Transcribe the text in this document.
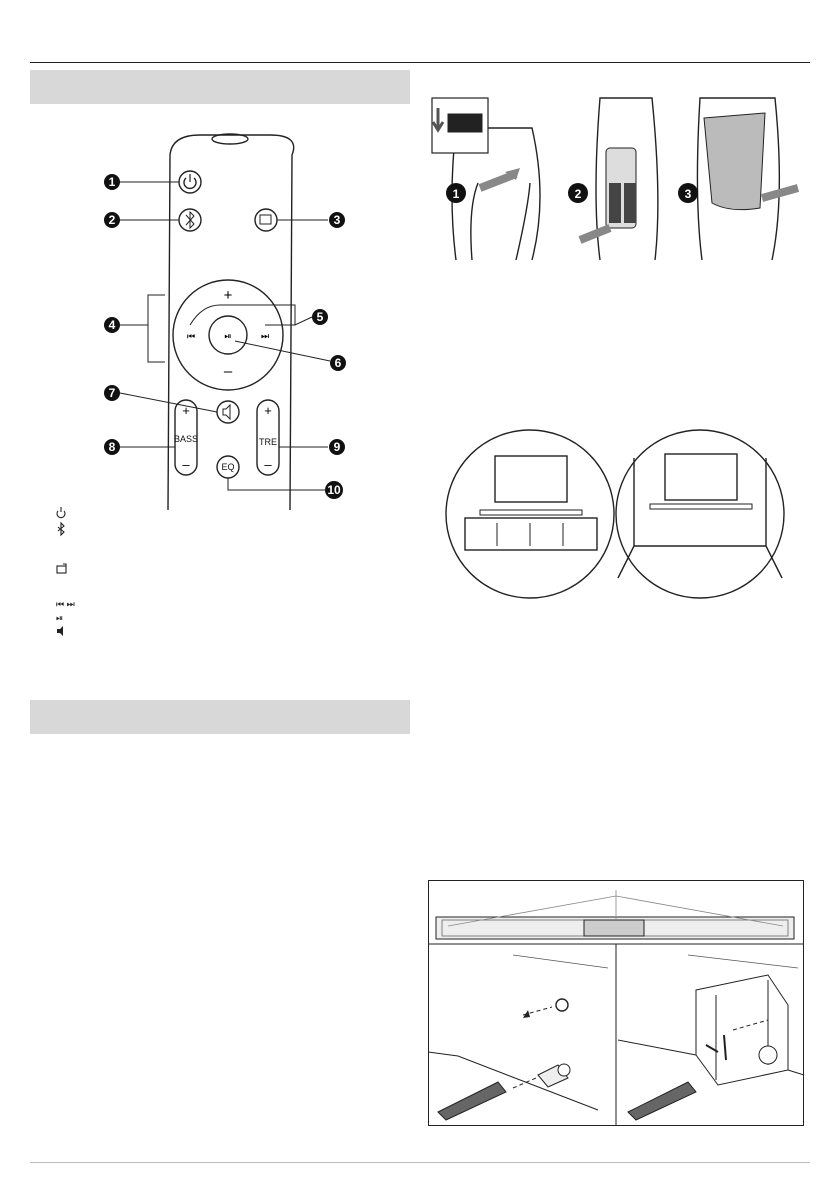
+
–
⏮	⏭
⏯
+
BASS
–
+
TRE
–
EQ
1
2	3
4
5
6
7
8	9
10
⏮ ⏭
⏯
1	2	3
